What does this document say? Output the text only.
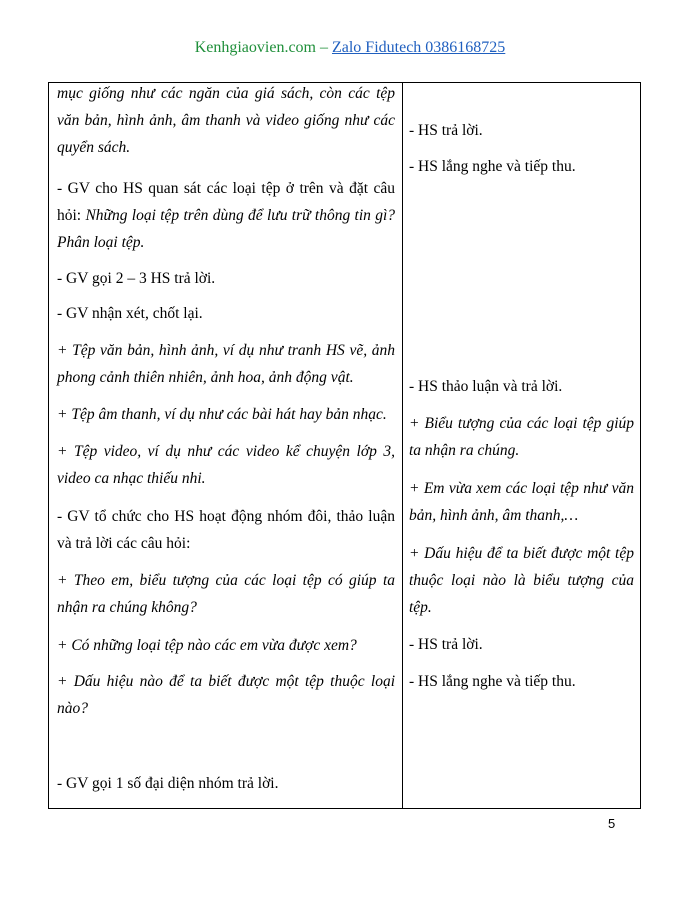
Kenhgiaovien.com – Zalo Fidutech 0386168725

mục giống như các ngăn của giá sách, còn các tệp văn bản, hình ảnh, âm thanh và video giống như các quyển sách.

- GV cho HS quan sát các loại tệp ở trên và đặt câu hỏi: Những loại tệp trên dùng để lưu trữ thông tin gì? Phân loại tệp.

- GV gọi 2 – 3 HS trả lời.

- GV nhận xét, chốt lại.

+ Tệp văn bản, hình ảnh, ví dụ như tranh HS vẽ, ảnh phong cảnh thiên nhiên, ảnh hoa, ảnh động vật.

+ Tệp âm thanh, ví dụ như các bài hát hay bản nhạc.

+ Tệp video, ví dụ như các video kể chuyện lớp 3, video ca nhạc thiếu nhi.

- GV tổ chức cho HS hoạt động nhóm đôi, thảo luận và trả lời các câu hỏi:

+ Theo em, biểu tượng của các loại tệp có giúp ta nhận ra chúng không?

+ Có những loại tệp nào các em vừa được xem?

+ Dấu hiệu nào để ta biết được một tệp thuộc loại nào?

- GV gọi 1 số đại diện nhóm trả lời.

- HS trả lời.

- HS lắng nghe và tiếp thu.

- HS thảo luận và trả lời.

+ Biểu tượng của các loại tệp giúp ta nhận ra chúng.

+ Em vừa xem các loại tệp như văn bản, hình ảnh, âm thanh,…

+ Dấu hiệu để ta biết được một tệp thuộc loại nào là biểu tượng của tệp.

- HS trả lời.

- HS lắng nghe và tiếp thu.

5
